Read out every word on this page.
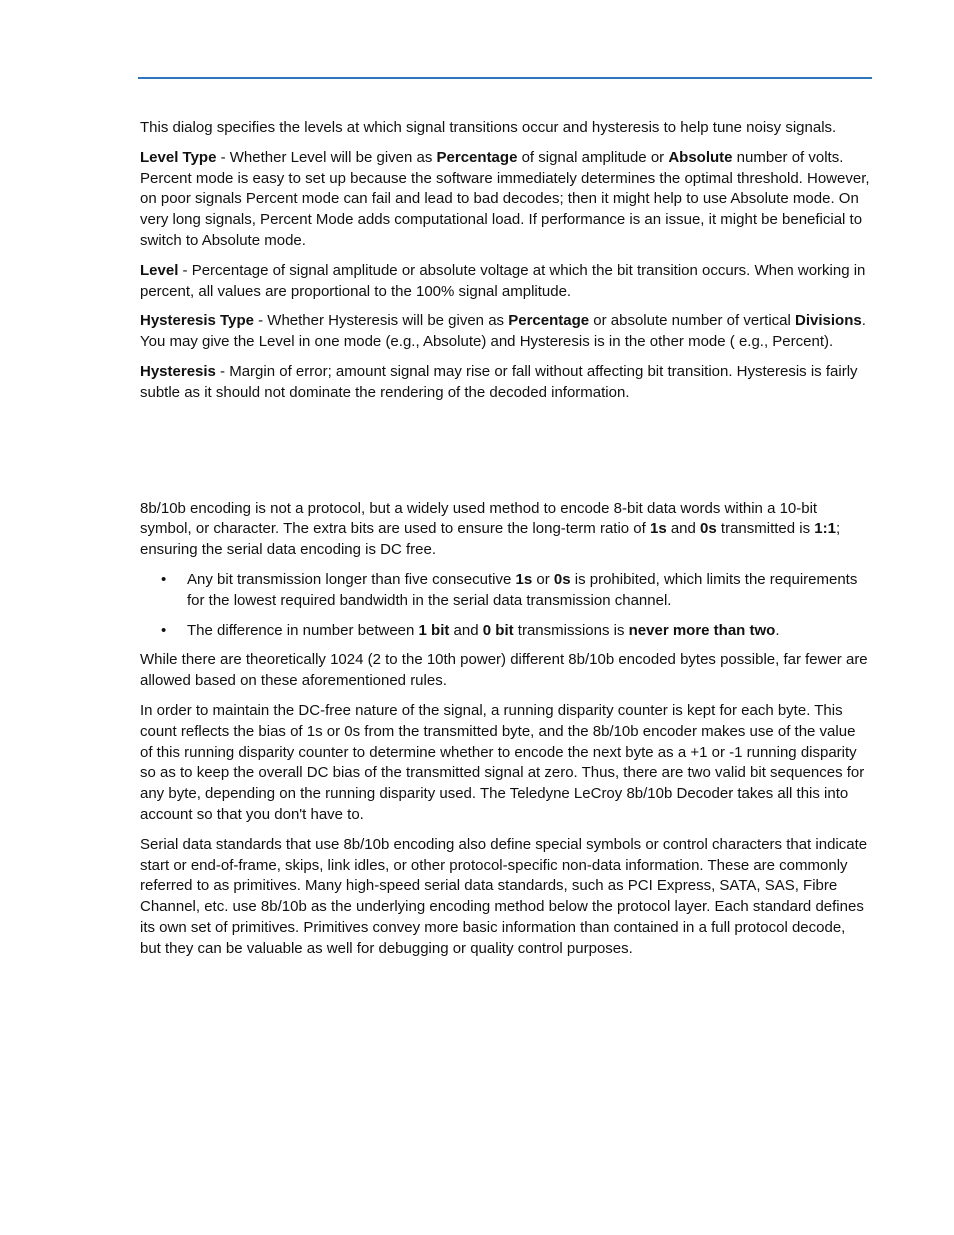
This dialog specifies the levels at which signal transitions occur and hysteresis to help tune noisy signals.

Level Type - Whether Level will be given as Percentage of signal amplitude or Absolute number of volts. Percent mode is easy to set up because the software immediately determines the optimal threshold. However, on poor signals Percent mode can fail and lead to bad decodes; then it might help to use Absolute mode. On very long signals, Percent Mode adds computational load. If performance is an issue, it might be beneficial to switch to Absolute mode.

Level - Percentage of signal amplitude or absolute voltage at which the bit transition occurs. When working in percent, all values are proportional to the 100% signal amplitude.

Hysteresis Type - Whether Hysteresis will be given as Percentage or absolute number of vertical Divisions. You may give the Level in one mode (e.g., Absolute) and Hysteresis is in the other mode ( e.g., Percent).

Hysteresis - Margin of error; amount signal may rise or fall without affecting bit transition. Hysteresis is fairly subtle as it should not dominate the rendering of the decoded information.

8b/10b encoding is not a protocol, but a widely used method to encode 8-bit data words within a 10-bit symbol, or character. The extra bits are used to ensure the long-term ratio of 1s and 0s transmitted is 1:1; ensuring the serial data encoding is DC free.

• Any bit transmission longer than five consecutive 1s or 0s is prohibited, which limits the requirements for the lowest required bandwidth in the serial data transmission channel.
• The difference in number between 1 bit and 0 bit transmissions is never more than two.

While there are theoretically 1024 (2 to the 10th power) different 8b/10b encoded bytes possible, far fewer are allowed based on these aforementioned rules.

In order to maintain the DC-free nature of the signal, a running disparity counter is kept for each byte. This count reflects the bias of 1s or 0s from the transmitted byte, and the 8b/10b encoder makes use of the value of this running disparity counter to determine whether to encode the next byte as a +1 or -1 running disparity so as to keep the overall DC bias of the transmitted signal at zero. Thus, there are two valid bit sequences for any byte, depending on the running disparity used. The Teledyne LeCroy 8b/10b Decoder takes all this into account so that you don't have to.

Serial data standards that use 8b/10b encoding also define special symbols or control characters that indicate start or end-of-frame, skips, link idles, or other protocol-specific non-data information. These are commonly referred to as primitives. Many high-speed serial data standards, such as PCI Express, SATA, SAS, Fibre Channel, etc. use 8b/10b as the underlying encoding method below the protocol layer. Each standard defines its own set of primitives. Primitives convey more basic information than contained in a full protocol decode, but they can be valuable as well for debugging or quality control purposes.
